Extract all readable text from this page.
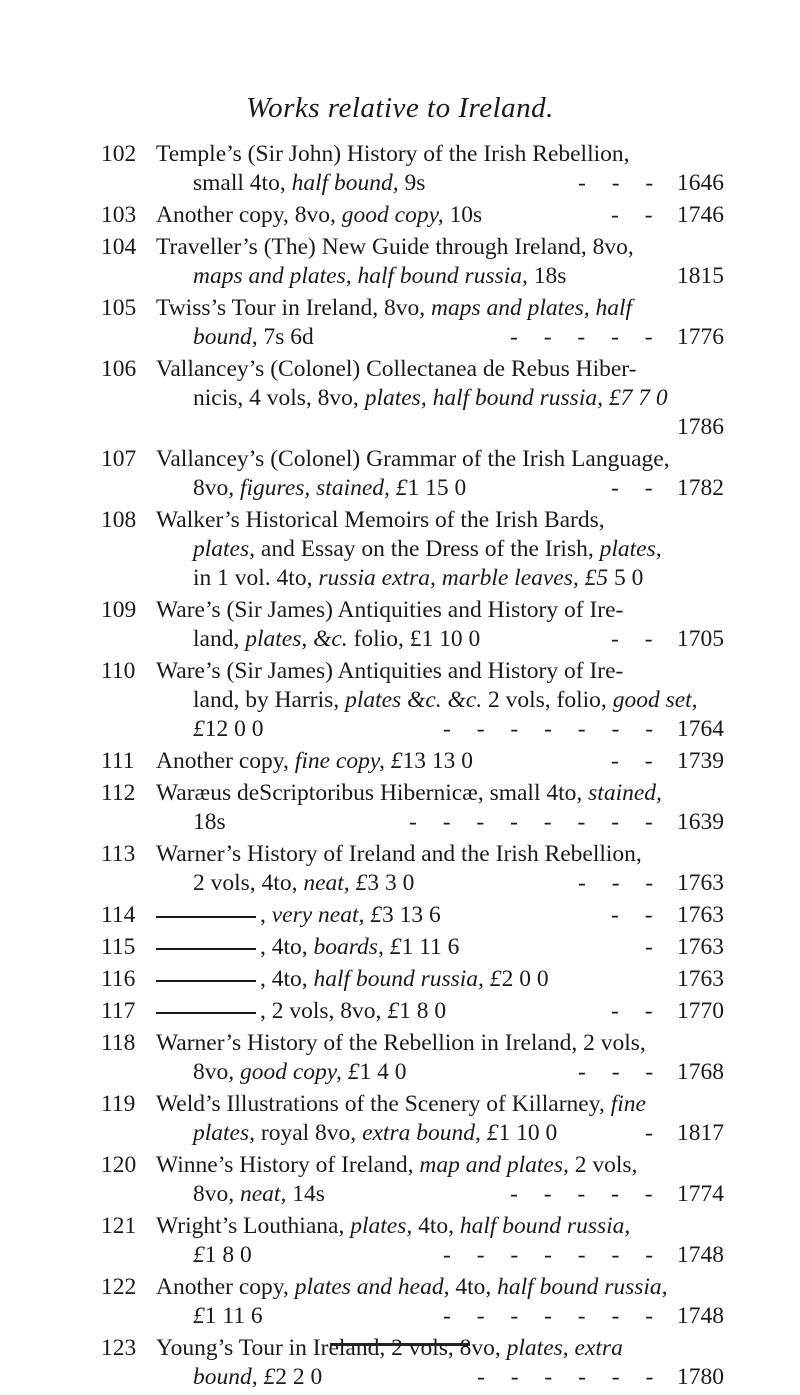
Works relative to Ireland.
102 Temple’s (Sir John) History of the Irish Rebellion,
small 4to, half bound, 9s	- - - 1646
103 Another copy, 8vo, good copy, 10s	- - 1746
104 Traveller’s (The) New Guide through Ireland, 8vo,
maps and plates, half bound russia, 18s	1815
105 Twiss’s Tour in Ireland, 8vo, maps and plates, half
bound, 7s 6d	- - - - - 1776
106 Vallancey’s (Colonel) Collectanea de Rebus Hiber-
nicis, 4 vols, 8vo, plates, half bound russia, £7 7 0
1786
107 Vallancey’s (Colonel) Grammar of the Irish Language,
8vo, figures, stained, £1 15 0	- - 1782
108 Walker’s Historical Memoirs of the Irish Bards,
plates, and Essay on the Dress of the Irish, plates,
in 1 vol. 4to, russia extra, marble leaves, £5 5 0
109 Ware’s (Sir James) Antiquities and History of Ire-
land, plates, &c. folio, £1 10 0	- - 1705
110 Ware’s (Sir James) Antiquities and History of Ire-
land, by Harris, plates &c. &c. 2 vols, folio, good set,
£12 0 0	- - - - - - - 1764
111 Another copy, fine copy, £13 13 0	- - 1739
112 Waræus deScriptoribus Hibernicæ, small 4to, stained,
18s	- - - - - - - - 1639
113 Warner’s History of Ireland and the Irish Rebellion,
2 vols, 4to, neat, £3 3 0	- - - 1763
114	, very neat, £3 13 6	- - 1763
115	, 4to, boards, £1 11 6	- 1763
116	, 4to, half bound russia, £2 0 0	1763
117	, 2 vols, 8vo, £1 8 0	- - 1770
118 Warner’s History of the Rebellion in Ireland, 2 vols,
8vo, good copy, £1 4 0	- - - 1768
119 Weld’s Illustrations of the Scenery of Killarney, fine
plates, royal 8vo, extra bound, £1 10 0	- 1817
120 Winne’s History of Ireland, map and plates, 2 vols,
8vo, neat, 14s	- - - - - 1774
121 Wright’s Louthiana, plates, 4to, half bound russia,
£1 8 0	- - - - - - - 1748
122 Another copy, plates and head, 4to, half bound russia,
£1 11 6	- - - - - - - 1748
123 Young’s Tour in Ireland, 2 vols, 8vo, plates, extra
bound, £2 2 0	- - - - - - 1780
